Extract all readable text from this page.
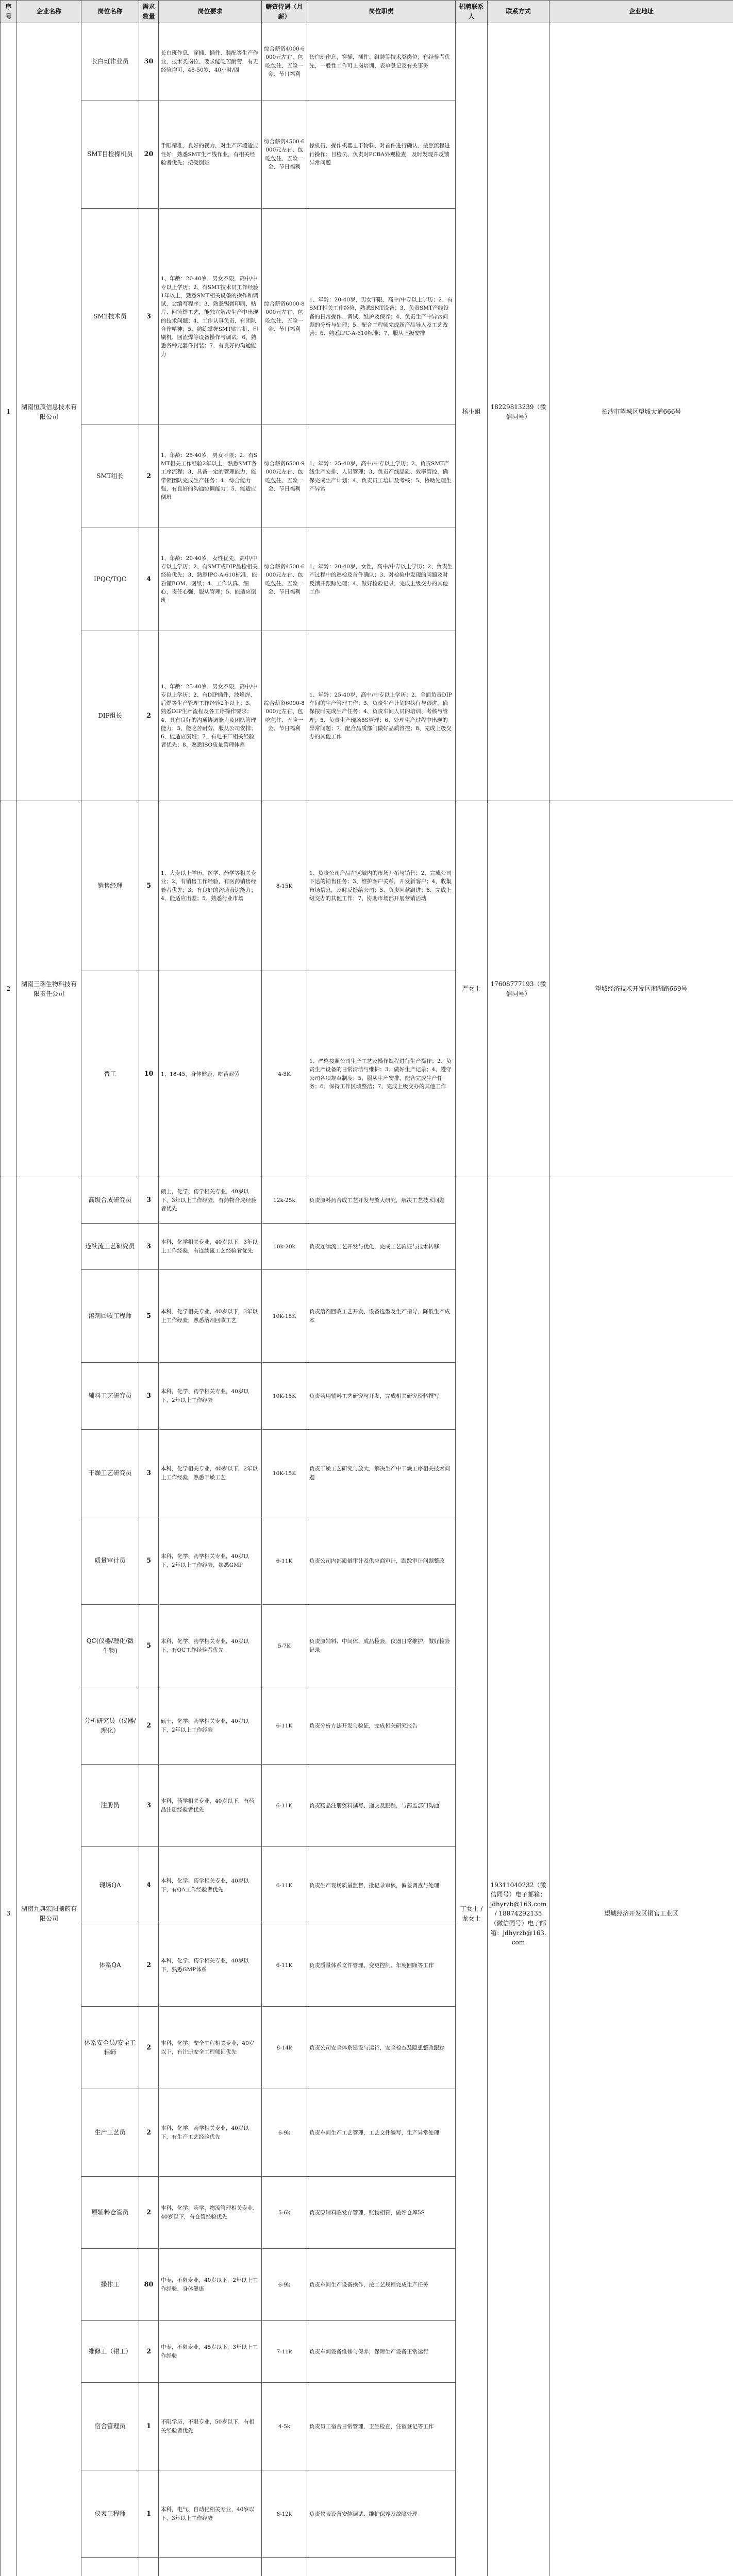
序号	企业名称	岗位名称	需求数量	岗位要求	薪资待遇（月薪）	岗位职责	招聘联系人	联系方式	企业地址
1	湖南恒茂信息技术有限公司	长白班作业员	30	长白班作息，穿插、插件、装配等生产作业，技术类岗位、要求能吃苦耐劳，有无经验均可，48-50岁，40小时/周	综合薪资4000-6000元左右、包吃包住、五险一金、节日福利	长白班作息，穿插、插件、组装等技术类岗位；有经验者优先，一般性工作可上岗培训、表单登记及有关事务	杨小姐	18229813239（微信同号）	长沙市望城区望城大道666号
		SMT目检操机员	20	手眼精准，良好的视力，对生产环境适应性好；熟悉SMT生产线作业，有相关经验者优先；接受倒班	综合薪资4500-6000元左右、包吃包住、五险一金、节日福利	操机员、操作机器上下物料、对首件进行确认、按照流程进行操作；目检员、负责对PCBA外观检查，及时发现并反馈异常问题			
		SMT技术员	3	1、年龄：20-40岁，男女不限，高中/中专以上学历；2、有SMT技术员工作经验1年以上，熟悉SMT相关设备的操作和调试，会编写程序；3、熟悉锡膏印刷、贴片、回流焊工艺，能独立解决生产中出现的技术问题；4、工作认真负责，有团队合作精神；5、熟练掌握SMT贴片机、印刷机、回流焊等设备操作与调试；6、熟悉各种元器件封装；7、有良好的沟通能力	综合薪资6000-8000元左右、包吃包住、五险一金、节日福利	1、年龄：20-40岁，男女不限、高中/中专以上学历；2、有SMT相关工作经验，熟悉SMT设备；3、负责SMT产线设备的日常操作、调试、维护及保养；4、负责生产中异常问题的分析与处理；5、配合工程师完成新产品导入及工艺改善；6、熟悉IPC-A-610标准；7、服从上级安排			
		SMT组长	2	1、年龄：25-40岁，男女不限；2、有SMT相关工作经验2年以上，熟悉SMT各工序流程；3、具备一定的管理能力，能带领团队完成生产任务；4、综合能力强，有良好的沟通协调能力；5、能适应倒班	综合薪资6500-9000元左右、包吃包住、五险一金、节日福利	1、年龄：25-40岁，高中/中专以上学历；2、负责SMT产线生产安排、人员管理；3、负责产线品质、效率管控，确保完成生产计划；4、负责员工培训及考核；5、协助处理生产异常			
		IPQC/TQC	4	1、年龄：20-40岁，女性优先，高中/中专以上学历；2、有SMT或DIP品检相关经验优先；3、熟悉IPC-A-610标准，能看懂BOM、图纸；4、工作认真、细心，责任心强，服从管理；5、能适应倒班	综合薪资4500-6000元左右、包吃包住、五险一金、节日福利	1、年龄：20-40岁，女性，高中/中专以上学历；2、负责生产过程中的巡检及首件确认；3、对检验中发现的问题及时反馈并跟踪处理；4、做好检验记录，完成上级交办的其他工作			
		DIP组长	2	1、年龄：25-40岁，男女不限，高中/中专以上学历；2、有DIP插件、波峰焊、后焊等生产管理工作经验2年以上；3、熟悉DIP生产流程及各工序操作要求；4、具有良好的沟通协调能力及团队管理能力；5、能吃苦耐劳，服从公司安排；6、能适应倒班；7、有电子厂相关经验者优先；8、熟悉ISO质量管理体系	综合薪资6000-8000元左右、包吃包住、五险一金、节日福利	1、年龄：25-40岁，高中/中专以上学历；2、全面负责DIP车间的生产管理工作；3、负责生产计划的执行与跟进，确保按时完成生产任务；4、负责车间人员的培训、考核与管理；5、负责生产现场5S管理；6、处理生产过程中出现的异常问题；7、配合品质部门做好品质管控；8、完成上级交办的其他工作			
2	湖南三瑞生物科技有限责任公司	销售经理	5	1、大专以上学历，医学、药学等相关专业；2、有销售工作经验，有医药销售经验者优先；3、有良好的沟通表达能力；4、能适应出差；5、熟悉行业市场	8-15K	1、负责公司产品在区域内的市场开拓与销售；2、完成公司下达的销售任务；3、维护客户关系，开发新客户；4、收集市场信息，及时反馈给公司；5、负责回款跟进；6、完成上级交办的其他工作；7、协助市场部开展营销活动	严女士	17608777193（微信同号）	望城经济技术开发区湘湖路669号
		普工	10	1、18-45，身体健康，吃苦耐劳	4-5K	1、严格按照公司生产工艺及操作规程进行生产操作；2、负责生产设备的日常清洁与维护；3、做好生产记录；4、遵守公司各项规章制度；5、服从生产安排，配合完成生产任务；6、保持工作区域整洁；7、完成上级交办的其他工作			
3	湖南九典宏阳制药有限公司	高级合成研究员	3	硕士，化学、药学相关专业，40岁以下，3年以上工作经验，有药物合成经验者优先	12k-25k	负责原料药合成工艺开发与放大研究，解决工艺技术问题	丁女士 / 龙女士	19311040232（微信同号）电子邮箱：jdhyrzb@163.com / 18874292135（微信同号）电子邮箱：jdhyrzb@163.com	望城经济开发区铜官工业区
		连续流工艺研究员	3	本科，化学相关专业，40岁以下，3年以上工作经验，有连续流工艺经验者优先	10k-20k	负责连续流工艺开发与优化，完成工艺验证与技术转移			
		溶剂回收工程师	5	本科，化学相关专业，40岁以下，3年以上工作经验，熟悉溶剂回收工艺	10K-15K	负责溶剂回收工艺开发、设备选型及生产指导，降低生产成本			
		辅料工艺研究员	3	本科，化学、药学相关专业，40岁以下，2年以上工作经验	10K-15K	负责药用辅料工艺研究与开发，完成相关研究资料撰写			
		干燥工艺研究员	3	本科，化学相关专业，40岁以下，2年以上工作经验，熟悉干燥工艺	10K-15K	负责干燥工艺研究与放大，解决生产中干燥工序相关技术问题			
		质量审计员	5	本科，化学、药学相关专业，40岁以下，2年以上工作经验，熟悉GMP	6-11K	负责公司内部质量审计及供应商审计，跟踪审计问题整改			
		QC(仪器/理化/微生物)	5	本科，化学、药学相关专业，40岁以下，有QC工作经验者优先	5-7K	负责原辅料、中间体、成品检验，仪器日常维护，做好检验记录			
		分析研究员（仪器/理化）	2	硕士，化学、药学相关专业，40岁以下，2年以上工作经验	6-11K	负责分析方法开发与验证，完成相关研究报告			
		注册员	3	本科，药学相关专业，40岁以下，有药品注册经验者优先	6-11K	负责药品注册资料撰写、递交及跟踪，与药监部门沟通			
		现场QA	4	本科，化学、药学相关专业，40岁以下，有QA工作经验者优先	6-11K	负责生产现场质量监督，批记录审核，偏差调查与处理			
		体系QA	2	本科，化学、药学相关专业，40岁以下，熟悉GMP体系	6-11K	负责质量体系文件管理、变更控制、年度回顾等工作			
		体系安全员/安全工程师	2	本科，化学、安全工程相关专业，40岁以下，有注册安全工程师证优先	8-14k	负责公司安全体系建设与运行，安全检查及隐患整改跟踪			
		生产工艺员	2	本科，化学、药学相关专业，40岁以下，有生产工艺经验优先	6-9k	负责车间生产工艺管理，工艺文件编写，生产异常处理			
		原辅料仓管员	2	本科，化学、药学、物流管理相关专业，40岁以下，有仓管经验优先	5-6k	负责原辅料收发存管理，账物相符，做好仓库5S			
		操作工	80	中专，不限专业，40岁以下，2年以上工作经验，身体健康	6-9k	负责车间生产设备操作，按工艺规程完成生产任务			
		维修工（钳工）	2	中专，不限专业，45岁以下，3年以上工作经验	7-11k	负责车间设备维修与保养，保障生产设备正常运行			
		宿舍管理员	1	不限学历，不限专业，50岁以下，有相关经验者优先	4-5k	负责员工宿舍日常管理，卫生检查，住宿登记等工作			
		仪表工程师	1	本科，电气、自动化相关专业，40岁以下，3年以上工作经验	8-12k	负责仪表设备安装调试、维护保养及故障处理			
